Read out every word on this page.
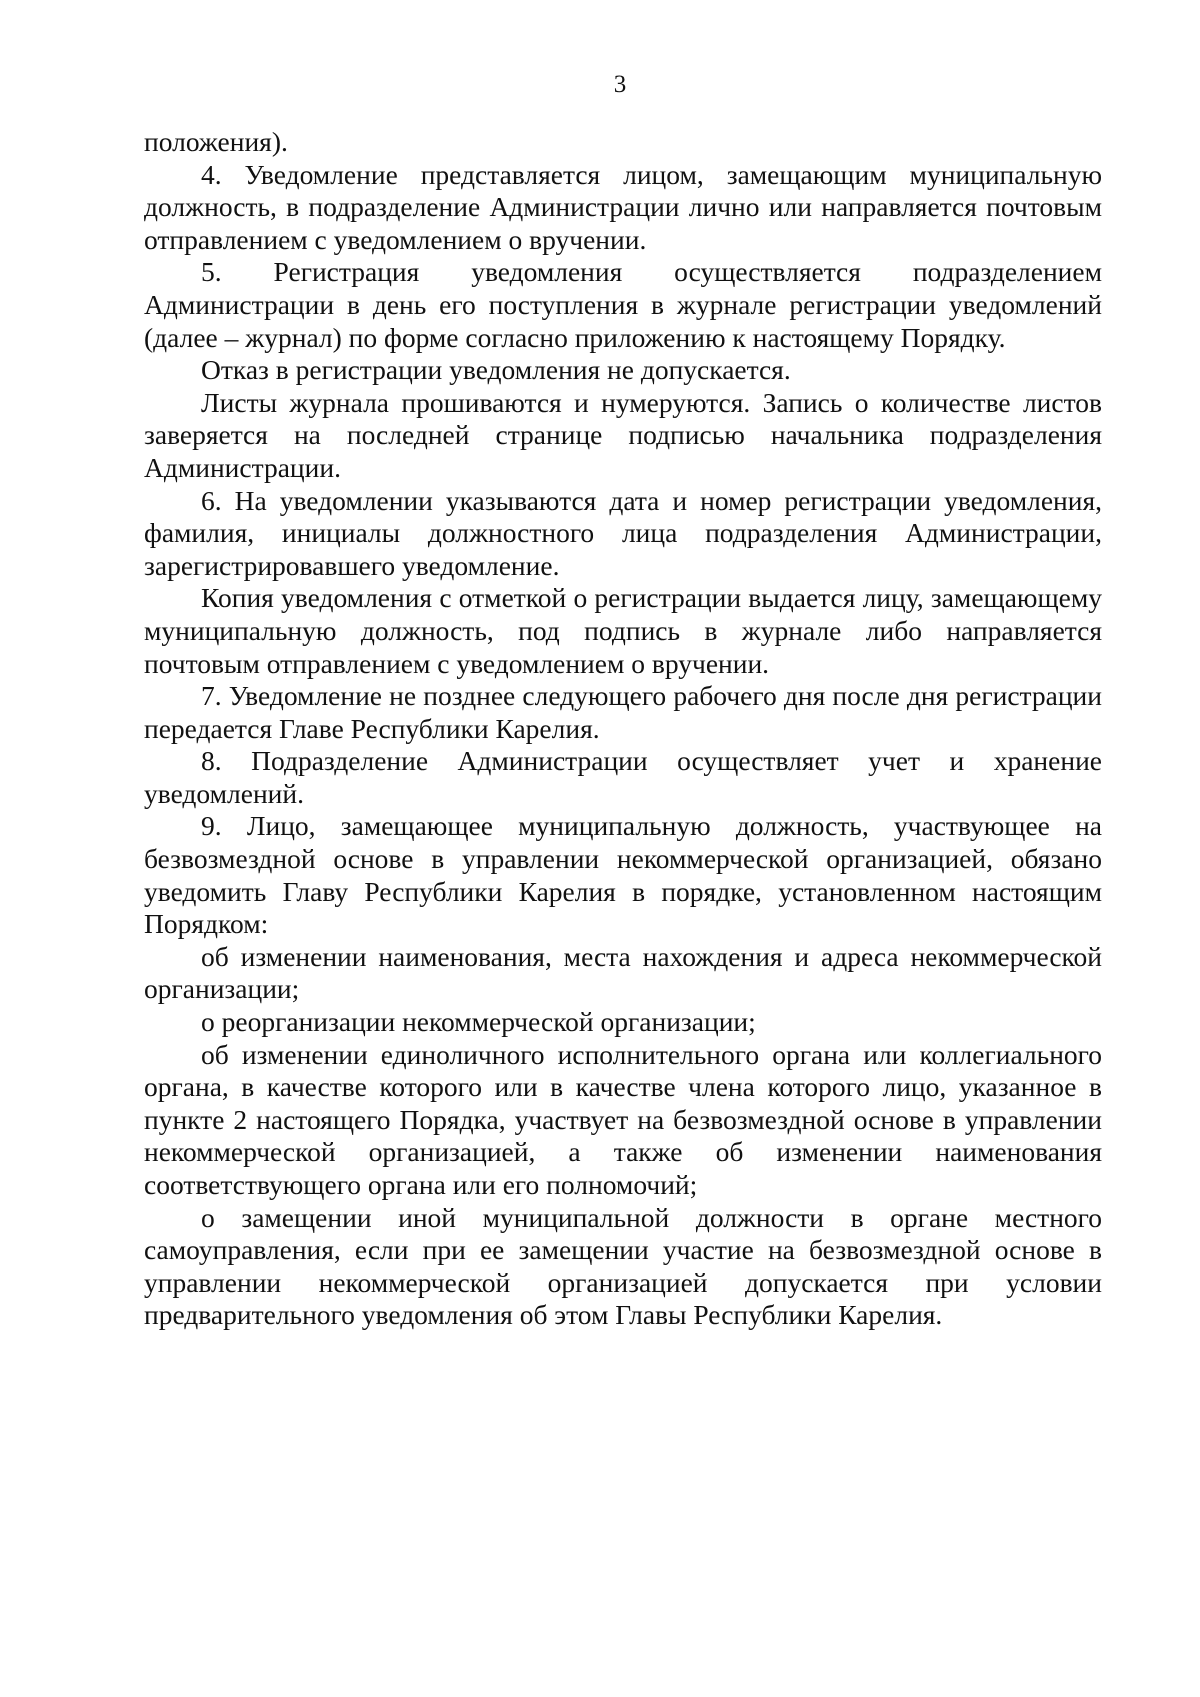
3

положения).

4. Уведомление представляется лицом, замещающим муниципальную должность, в подразделение Администрации лично или направляется почтовым отправлением с уведомлением о вручении.

5. Регистрация уведомления осуществляется подразделением Администрации в день его поступления в журнале регистрации уведомлений (далее – журнал) по форме согласно приложению к настоящему Порядку.

Отказ в регистрации уведомления не допускается.

Листы журнала прошиваются и нумеруются. Запись о количестве листов заверяется на последней странице подписью начальника подразделения Администрации.

6. На уведомлении указываются дата и номер регистрации уведомления, фамилия, инициалы должностного лица подразделения Администрации, зарегистрировавшего уведомление.

Копия уведомления с отметкой о регистрации выдается лицу, замещающему муниципальную должность, под подпись в журнале либо направляется почтовым отправлением с уведомлением о вручении.

7. Уведомление не позднее следующего рабочего дня после дня регистрации передается Главе Республики Карелия.

8. Подразделение Администрации осуществляет учет и хранение уведомлений.

9. Лицо, замещающее муниципальную должность, участвующее на безвозмездной основе в управлении некоммерческой организацией, обязано уведомить Главу Республики Карелия в порядке, установленном настоящим Порядком:

об изменении наименования, места нахождения и адреса некоммерческой организации;

о реорганизации некоммерческой организации;

об изменении единоличного исполнительного органа или коллегиального органа, в качестве которого или в качестве члена которого лицо, указанное в пункте 2 настоящего Порядка, участвует на безвозмездной основе в управлении некоммерческой организацией, а также об изменении наименования соответствующего органа или его полномочий;

о замещении иной муниципальной должности в органе местного самоуправления, если при ее замещении участие на безвозмездной основе в управлении некоммерческой организацией допускается при условии предварительного уведомления об этом Главы Республики Карелия.
